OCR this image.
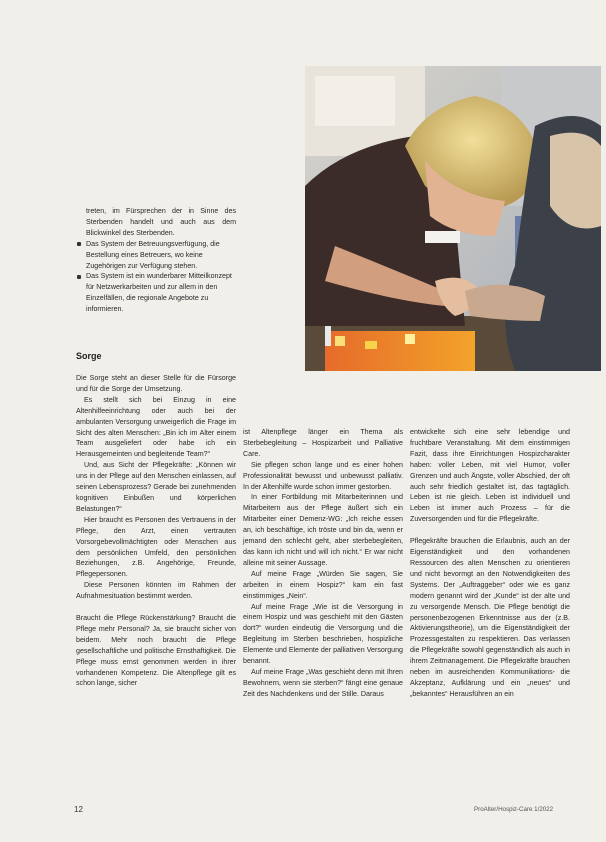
treten, im Fürsprechen der in Sinne des Sterbenden handelt und auch aus dem Blickwinkel des Sterbenden.

Das System der Betreuungsverfügung, die Bestellung eines Betreuers, wo keine Zugehörigen zur Verfügung stehen.
Das System ist ein wunderbarer Mitteilkonzept für Netzwerkarbeiten und zur allem in den Einzelfällen, die regionale Angebote zu informieren.
Sorge

Die Sorge steht an dieser Stelle für die Fürsorge und für die Sorge der Umsetzung.

Es stellt sich bei Einzug in eine Altenhilfeeinrichtung oder auch bei der ambulanten Versorgung unweigerlich die Frage im Sicht des alten Menschen: „Bin ich im Alter einem Team ausgeliefert oder habe ich ein Herausgemeinten und begleitende Team?“

Und, aus Sicht der Pflegekräfte: „Können wir uns in der Pflege auf den Menschen einlassen, auf seinen Lebensprozess? Gerade bei zunehmenden kognitiven Einbußen und körperlichen Belastungen?“

Hier braucht es Personen des Vertrauens in der Pflege, den Arzt, einen vertrauten Vorsorgebevollmächtigten oder Menschen aus dem persönlichen Umfeld, den persönlichen Beziehungen, z.B. Angehörige, Freunde, Pflegepersonen.

Diese Personen könnten im Rahmen der Aufnahmesituation bestimmt werden.

Braucht die Pflege Rückenstärkung? Braucht die Pflege mehr Personal? Ja, sie braucht sicher von beidem. Mehr noch braucht die Pflege gesellschaftliche und politische Ernsthaftigkeit. Die Pflege muss ernst genommen werden in ihrer vorhandenen Kompetenz. Die Altenpflege gilt es schon lange, sicher

ist Altenpflege länger ein Thema als Sterbebegleitung – Hospizarbeit und Palliative Care.

Sie pflegen schon lange und es einer hohen Professionalität bewusst und unbewusst palliativ. In der Altenhilfe wurde schon immer gestorben.

In einer Fortbildung mit Mitarbeiterinnen und Mitarbeitern aus der Pflege äußert sich ein Mitarbeiter einer Demenz-WG: „Ich reiche essen an, ich beschäftige, ich tröste und bin da, wenn er jemand den schlecht geht, aber sterbebegleiten, das kann ich nicht und will ich nicht.“ Er war nicht alleine mit seiner Aussage.

Auf meine Frage „Würden Sie sagen, Sie arbeiten in einem Hospiz?“ kam ein fast einstimmiges „Nein“.

Auf meine Frage „Wie ist die Versorgung in einem Hospiz und was geschieht mit den Gästen dort?“ wurden eindeutig die Versorgung und die Begleitung im Sterben beschrieben, hospizliche Elemente und Elemente der palliativen Versorgung benannt.

Auf meine Frage „Was geschieht denn mit Ihren Bewohnern, wenn sie sterben?“ fängt eine genaue Zeit des Nachdenkens und der Stille. Daraus

entwickelte sich eine sehr lebendige und fruchtbare Veranstaltung. Mit dem einstimmigen Fazit, dass ihre Einrichtungen Hospizcharakter haben: voller Leben, mit viel Humor, voller Grenzen und auch Ängste, voller Abschied, der oft auch sehr friedlich gestaltet ist, das tagtäglich. Leben ist nie gleich. Leben ist individuell und Leben ist immer auch Prozess – für die Zuversorgenden und für die Pflegekräfte.

Pflegekräfte brauchen die Erlaubnis, auch an der Eigenständigkeit und den vorhandenen Ressourcen des alten Menschen zu orientieren und nicht bevormgt an den Notwendigkeiten des Systems. Der „Auftraggeber“ oder wie es ganz modern genannt wird der „Kunde“ ist der alte und zu versorgende Mensch. Die Pflege benötigt die personenbezogenen Erkenntnisse aus der (z.B. Aktivierungstheorie), um die Eigenständigkeit der Prozessgestalten zu respektieren. Das verlassen die Pflegekräfte sowohl gegenständlich als auch in ihrem Zeitmanagement. Die Pflegekräfte brauchen neben im ausreichenden Kommunikations- die Akzeptanz, Aufklärung und ein „neues“ und „bekanntes“ Herausführen an ein

12	ProAlter/Hospiz-Care 1/2022
